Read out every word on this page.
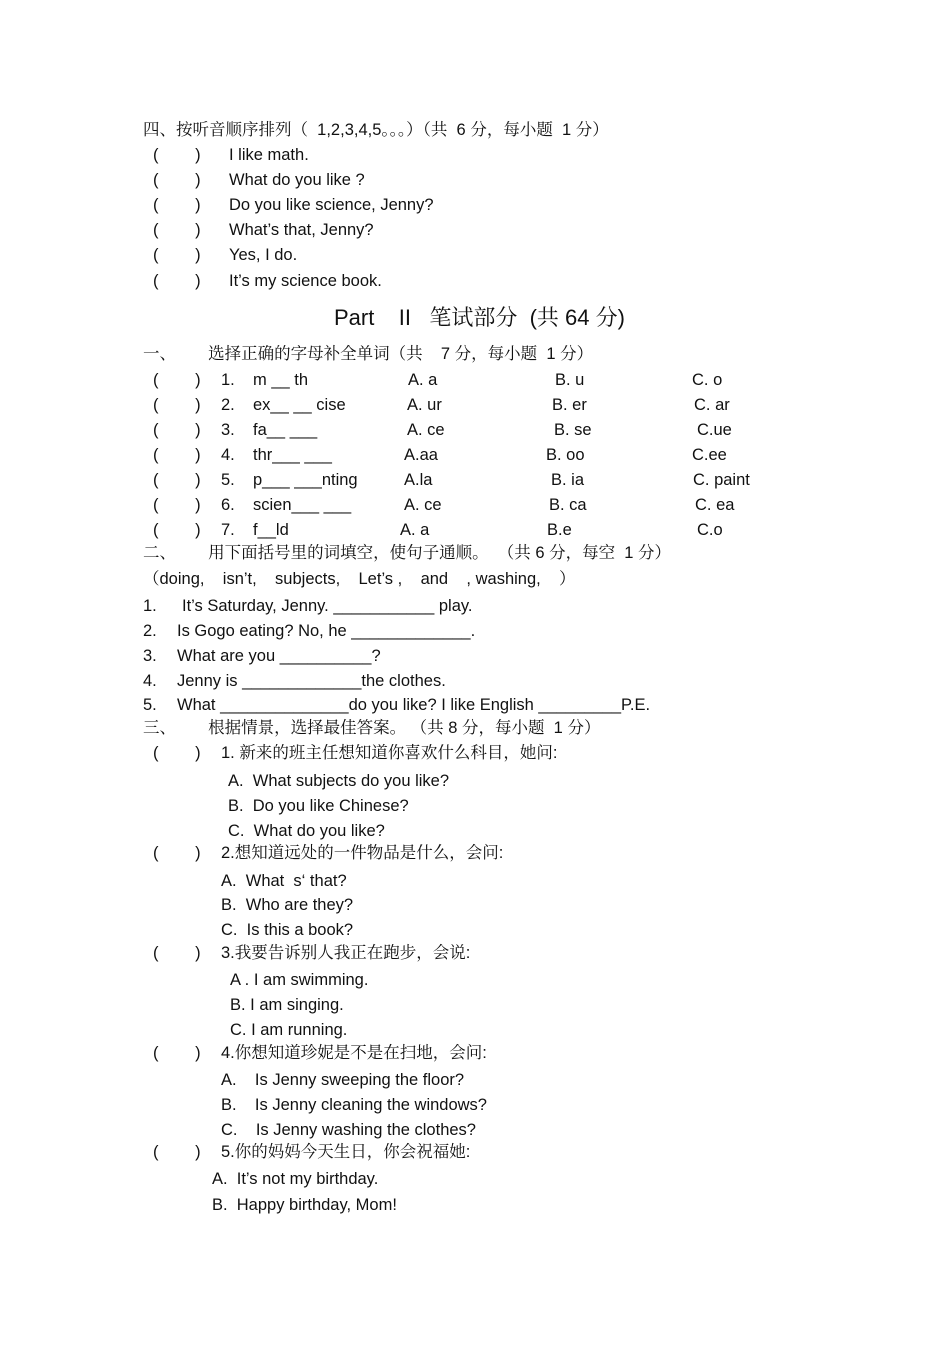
四、按听音顺序排列（  1,2,3,4,5。。。）（共  6 分，每小题  1 分）
(        ) I like math.
(        ) What do you like ?
(        ) Do you like science, Jenny?
(        ) What’s that, Jenny?
(        ) Yes, I do.
(        ) It’s my science book.
Part    II   笔试部分  (共 64 分)
一、       选择正确的字母补全单词（共    7 分，每小题  1 分）
(        ) 1. m __ th	A. a	B. u	C. o
(        ) 2. ex__ __ cise	A. ur	B. er	C. ar
(        ) 3. fa__ ___	A. ce	B. se	C.ue
(        ) 4. thr___ ___	A.aa	B. oo	C.ee
(        ) 5. p___ ___nting	A.la	B. ia	C. paint
(        ) 6. scien___ ___	A. ce	B. ca	C. ea
(        ) 7. f__ld	A. a	B.e	C.o
二、       用下面括号里的词填空，使句子通顺。  （共 6 分，每空  1 分）
（doing,    isn’t,    subjects,    Let’s ,    and    , washing,    ）
1. It’s Saturday, Jenny. ___________ play.
2. Is Gogo eating? No, he _____________.
3. What are you __________?
4. Jenny is _____________the clothes.
5. What ______________do you like? I like English _________P.E.
三、       根据情景，选择最佳答案。 （共 8 分，每小题  1 分）
(        ) 1. 新来的班主任想知道你喜欢什么科目，她问:
A.  What subjects do you like?
B.  Do you like Chinese?
C.  What do you like?
(        ) 2.想知道远处的一件物品是什么，会问:
A.  What  s‘ that?
B.  Who are they?
C.  Is this a book?
(        ) 3.我要告诉别人我正在跑步，会说:
A . I am swimming.
B. I am singing.
C. I am running.
(        ) 4.你想知道珍妮是不是在扫地，会问:
A.    Is Jenny sweeping the floor?
B.    Is Jenny cleaning the windows?
C.    Is Jenny washing the clothes?
(        ) 5.你的妈妈今天生日，你会祝福她:
A.  It’s not my birthday.
B.  Happy birthday, Mom!
